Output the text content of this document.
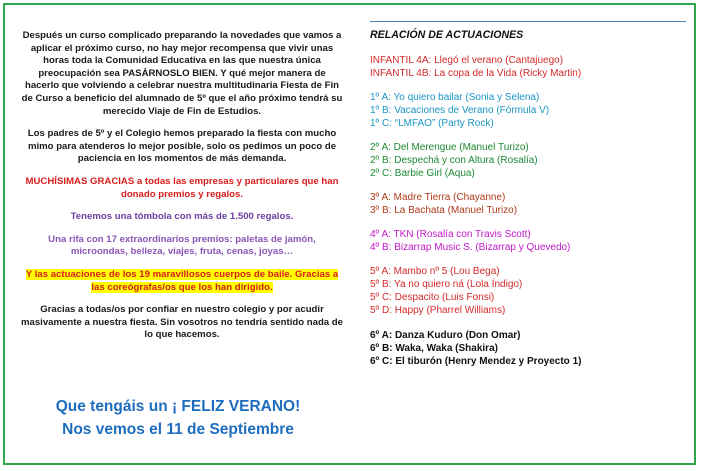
Después un curso complicado preparando la novedades que vamos a aplicar el próximo curso, no hay mejor recompensa que vivir unas horas toda la Comunidad Educativa en las que nuestra única preocupación sea PASÁRNOSLO BIEN. Y qué mejor manera de hacerlo que volviendo a celebrar nuestra multitudinaria Fiesta de Fin de Curso a beneficio del alumnado de 5º que el año próximo tendrá su merecido Viaje de Fin de Estudios.

Los padres de 5º y el Colegio hemos preparado la fiesta con mucho mimo para atenderos lo mejor posible, solo os pedimos un poco de paciencia en los momentos de más demanda.

MUCHÍSIMAS GRACIAS a todas las empresas y particulares que han donado premios y regalos.

Tenemos una tómbola con más de 1.500 regalos.

Una rifa con 17 extraordinarios premios: paletas de jamón, microondas, belleza, viajes, fruta, cenas, joyas…

Y las actuaciones de los 19 maravillosos cuerpos de baile. Gracias a las coreógrafas/os que los han dirigido.

Gracias a todas/os por confiar en nuestro colegio y por acudir masivamente a nuestra fiesta. Sin vosotros no tendría sentido nada de lo que hacemos.

Que tengáis un ¡ FELIZ VERANO!
Nos vemos el 11 de Septiembre
RELACIÓN DE ACTUACIONES
INFANTIL 4A: Llegó el verano (Cantajuego)
INFANTIL 4B: La copa de la Vida (Ricky Martin)
1º A: Yo quiero bailar (Sonia y Selena)
1º B: Vacaciones de Verano (Fórmula V)
1º C: “LMFAO” (Party Rock)
2º A: Del Merengue (Manuel Turizo)
2º B: Despechá y con Altura (Rosalía)
2º C: Barbie Girl (Aqua)
3º A: Madre Tierra (Chayanne)
3º B: La Bachata (Manuel Turizo)
4º A: TKN (Rosalía con Travis Scott)
4º B: Bizarrap Music S. (Bizarrap y Quevedo)
5º A: Mambo nº 5 (Lou Bega)
5º B: Ya no quiero ná (Lola Índigo)
5º C: Despacito (Luis Fonsi)
5º D: Happy (Pharrel Williams)
6º A: Danza Kuduro (Don Omar)
6º B: Waka, Waka (Shakira)
6º C: El tiburón (Henry Mendez y Proyecto 1)
